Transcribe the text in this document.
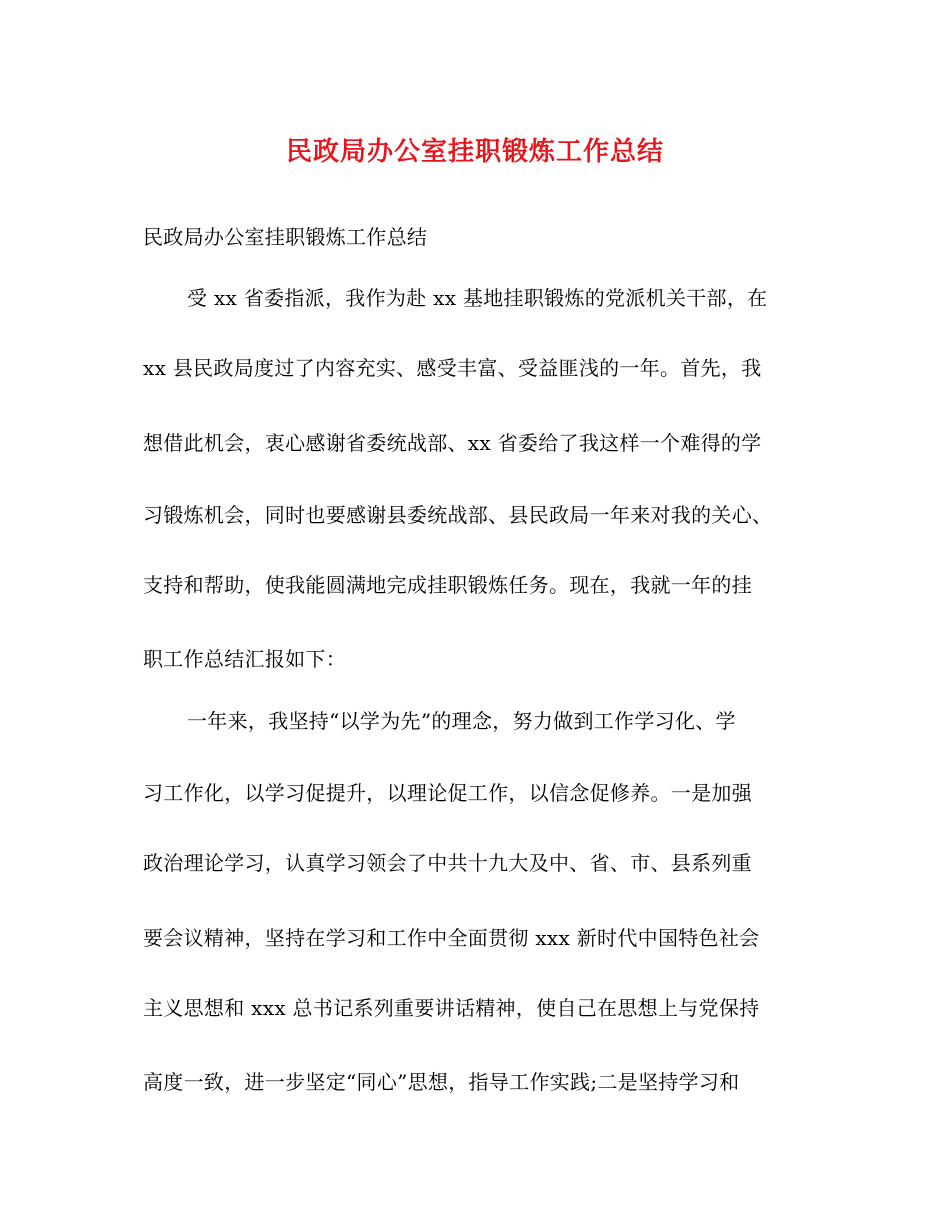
民政局办公室挂职锻炼工作总结
民政局办公室挂职锻炼工作总结
受 xx 省委指派，我作为赴 xx 基地挂职锻炼的党派机关干部，在
xx 县民政局度过了内容充实、感受丰富、受益匪浅的一年。首先，我
想借此机会，衷心感谢省委统战部、xx 省委给了我这样一个难得的学
习锻炼机会，同时也要感谢县委统战部、县民政局一年来对我的关心、
支持和帮助，使我能圆满地完成挂职锻炼任务。现在，我就一年的挂
职工作总结汇报如下：
一年来，我坚持“以学为先”的理念，努力做到工作学习化、学
习工作化，以学习促提升，以理论促工作，以信念促修养。一是加强
政治理论学习，认真学习领会了中共十九大及中、省、市、县系列重
要会议精神，坚持在学习和工作中全面贯彻 xxx 新时代中国特色社会
主义思想和 xxx 总书记系列重要讲话精神，使自己在思想上与党保持
高度一致，进一步坚定“同心”思想，指导工作实践;二是坚持学习和
